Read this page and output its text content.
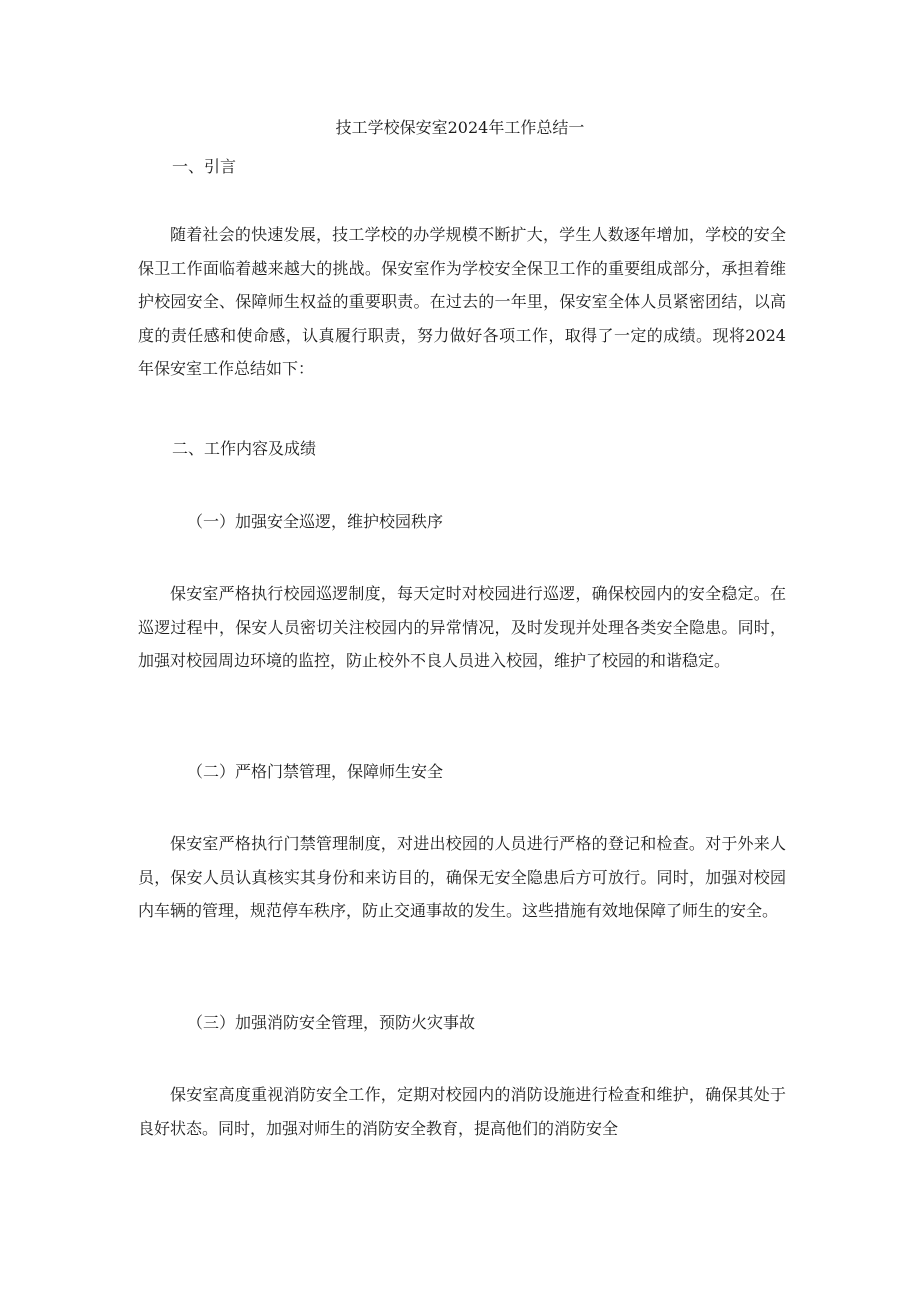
技工学校保安室2024年工作总结一
一、引言
随着社会的快速发展，技工学校的办学规模不断扩大，学生人数逐年增加，学校的安全保卫工作面临着越来越大的挑战。保安室作为学校安全保卫工作的重要组成部分，承担着维护校园安全、保障师生权益的重要职责。在过去的一年里，保安室全体人员紧密团结，以高度的责任感和使命感，认真履行职责，努力做好各项工作，取得了一定的成绩。现将2024年保安室工作总结如下：
二、工作内容及成绩
（一）加强安全巡逻，维护校园秩序
保安室严格执行校园巡逻制度，每天定时对校园进行巡逻，确保校园内的安全稳定。在巡逻过程中，保安人员密切关注校园内的异常情况，及时发现并处理各类安全隐患。同时，加强对校园周边环境的监控，防止校外不良人员进入校园，维护了校园的和谐稳定。
（二）严格门禁管理，保障师生安全
保安室严格执行门禁管理制度，对进出校园的人员进行严格的登记和检查。对于外来人员，保安人员认真核实其身份和来访目的，确保无安全隐患后方可放行。同时，加强对校园内车辆的管理，规范停车秩序，防止交通事故的发生。这些措施有效地保障了师生的安全。
（三）加强消防安全管理，预防火灾事故
保安室高度重视消防安全工作，定期对校园内的消防设施进行检查和维护，确保其处于良好状态。同时，加强对师生的消防安全教育，提高他们的消防安全
